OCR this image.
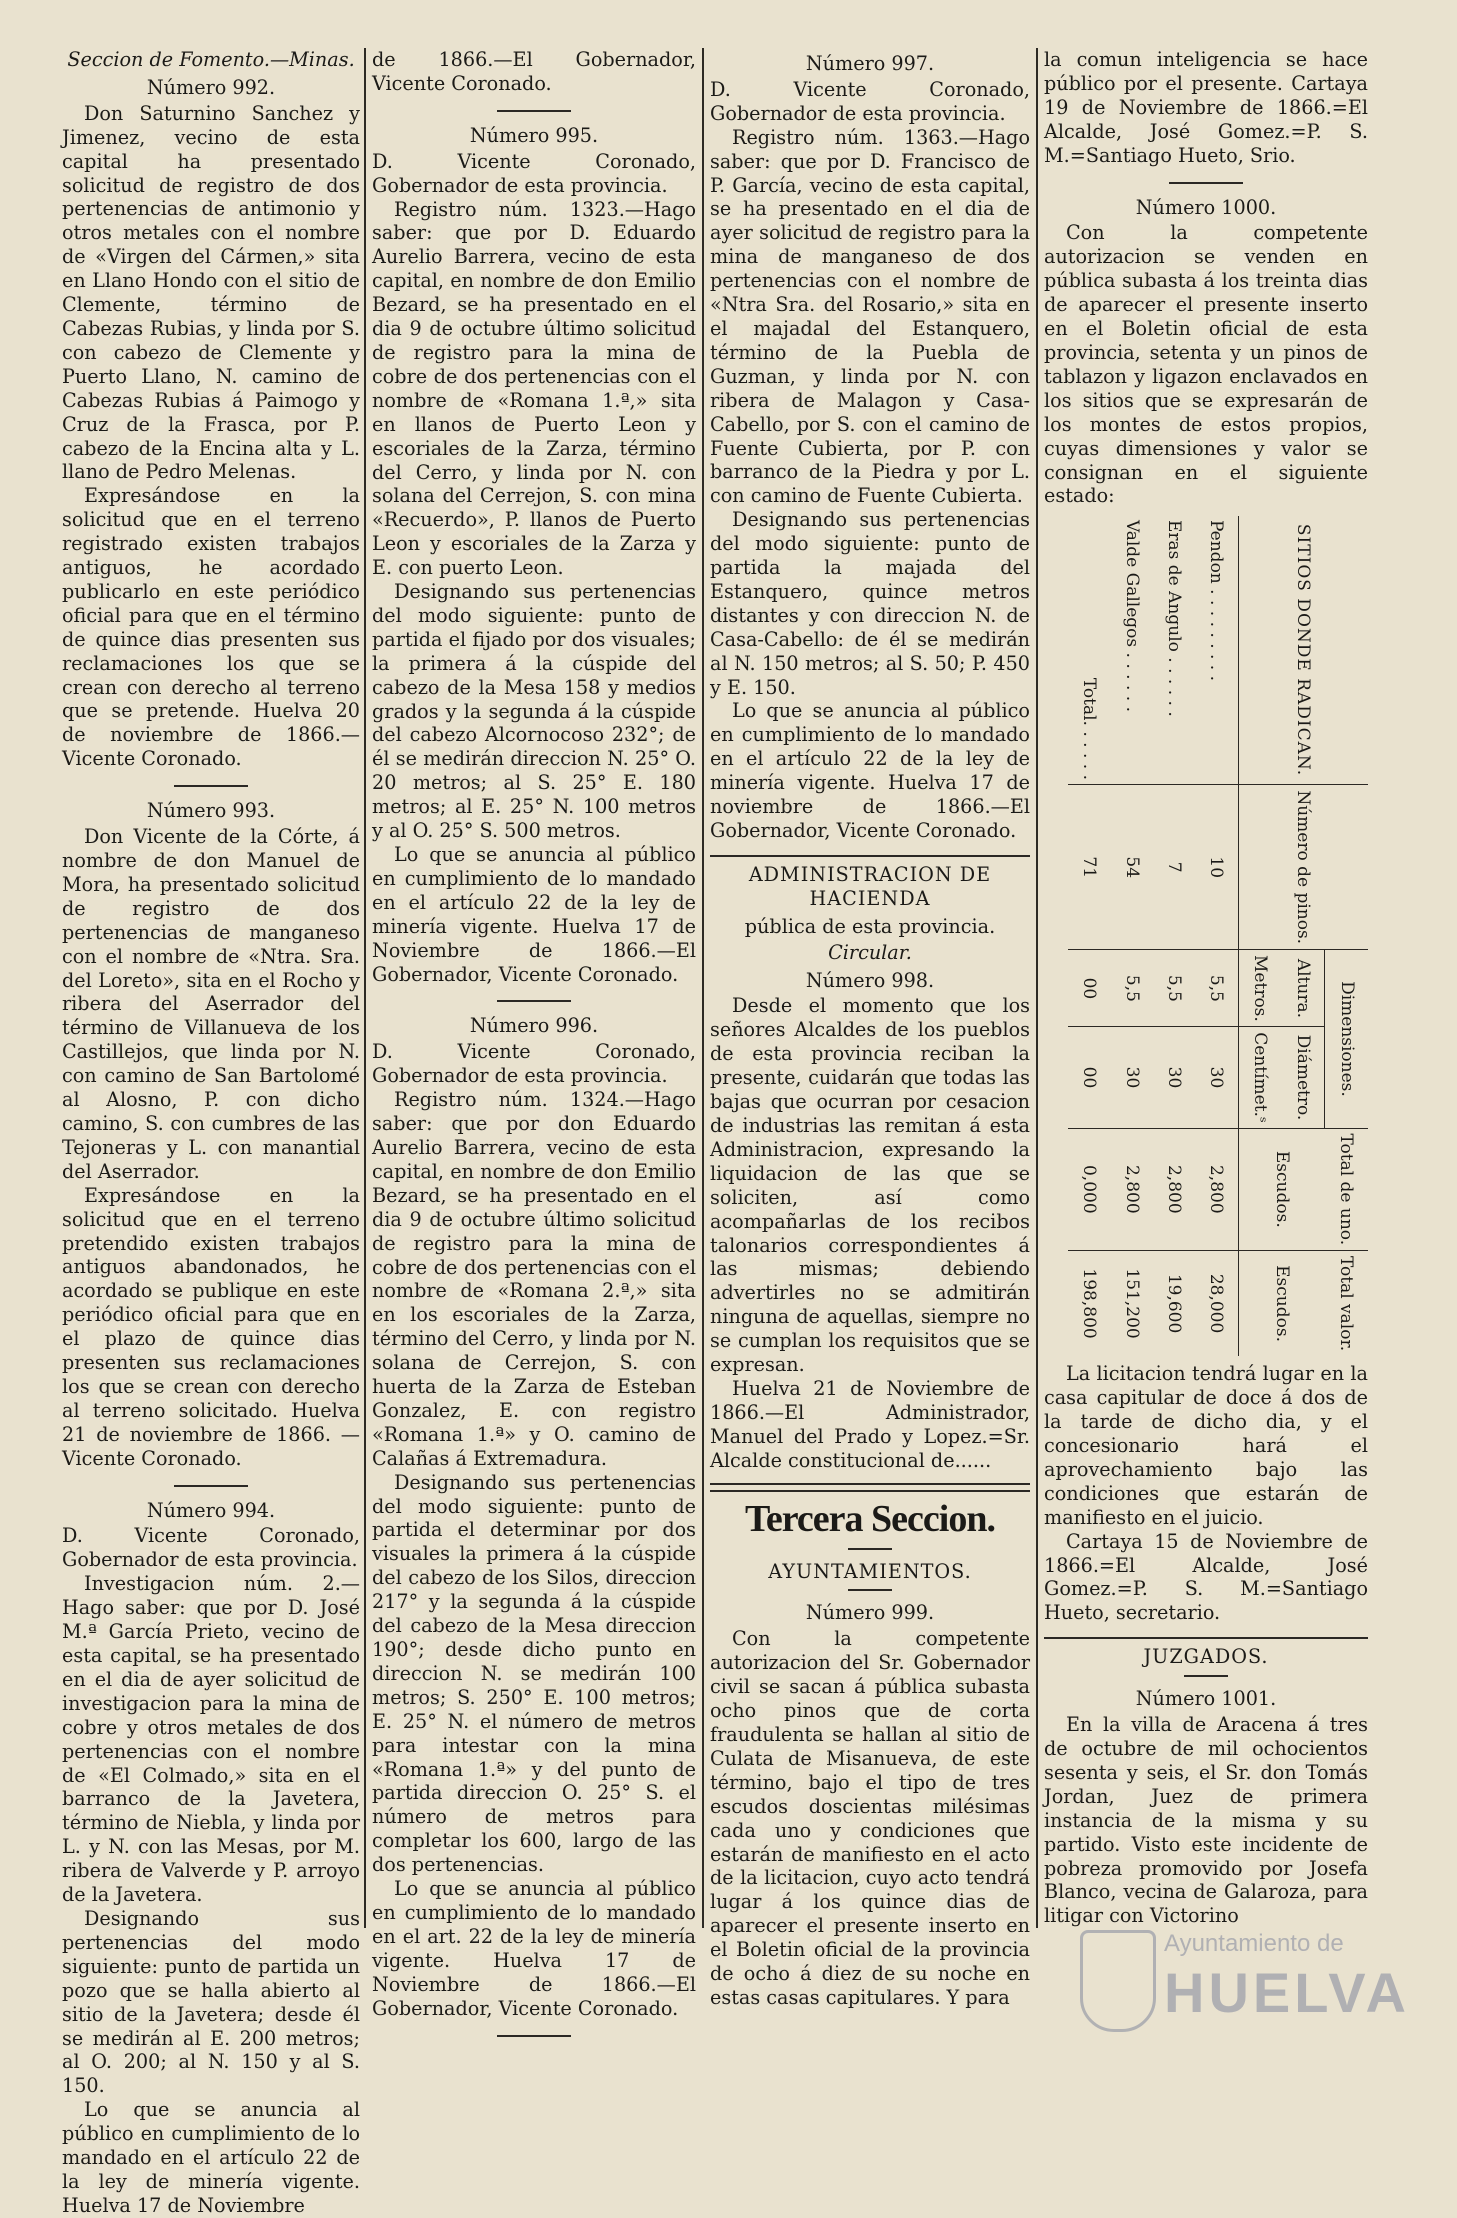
Seccion de Fomento.—Minas.
Número 992.

Don Saturnino Sanchez y Jimenez, vecino de esta capital ha presentado solicitud de registro de dos pertenencias de antimonio y otros metales con el nombre de «Virgen del Cármen,» sita en Llano Hondo con el sitio de Clemente, término de Cabezas Rubias, y linda por S. con cabezo de Clemente y Puerto Llano, N. camino de Cabezas Rubias á Paimogo y Cruz de la Frasca, por P. cabezo de la Encina alta y L. llano de Pedro Melenas.

Expresándose en la solicitud que en el terreno registrado existen trabajos antiguos, he acordado publicarlo en este periódico oficial para que en el término de quince dias presenten sus reclamaciones los que se crean con derecho al terreno que se pretende. Huelva 20 de noviembre de 1866.—Vicente Coronado.

Número 993.

Don Vicente de la Córte, á nombre de don Manuel de Mora, ha presentado solicitud de registro de dos pertenencias de manganeso con el nombre de «Ntra. Sra. del Loreto», sita en el Rocho y ribera del Aserrador del término de Villanueva de los Castillejos, que linda por N. con camino de San Bartolomé al Alosno, P. con dicho camino, S. con cumbres de las Tejoneras y L. con manantial del Aserrador.

Expresándose en la solicitud que en el terreno pretendido existen trabajos antiguos abandonados, he acordado se publique en este periódico oficial para que en el plazo de quince dias presenten sus reclamaciones los que se crean con derecho al terreno solicitado. Huelva 21 de noviembre de 1866. —Vicente Coronado.

Número 994.

D. Vicente Coronado, Gobernador de esta provincia.

Investigacion núm. 2.—Hago saber: que por D. José M.ª García Prieto, vecino de esta capital, se ha presentado en el dia de ayer solicitud de investigacion para la mina de cobre y otros metales de dos pertenencias con el nombre de «El Colmado,» sita en el barranco de la Javetera, término de Niebla, y linda por L. y N. con las Mesas, por M. ribera de Valverde y P. arroyo de la Javetera.

Designando sus pertenencias del modo siguiente: punto de partida un pozo que se halla abierto al sitio de la Javetera; desde él se medirán al E. 200 metros; al O. 200; al N. 150 y al S. 150.

Lo que se anuncia al público en cumplimiento de lo mandado en el artículo 22 de la ley de minería vigente. Huelva 17 de Noviembre

de 1866.—El Gobernador, Vicente Coronado.

Número 995.

D. Vicente Coronado, Gobernador de esta provincia.

Registro núm. 1323.—Hago saber: que por D. Eduardo Aurelio Barrera, vecino de esta capital, en nombre de don Emilio Bezard, se ha presentado en el dia 9 de octubre último solicitud de registro para la mina de cobre de dos pertenencias con el nombre de «Romana 1.ª,» sita en llanos de Puerto Leon y escoriales de la Zarza, término del Cerro, y linda por N. con solana del Cerrejon, S. con mina «Recuerdo», P. llanos de Puerto Leon y escoriales de la Zarza y E. con puerto Leon.

Designando sus pertenencias del modo siguiente: punto de partida el fijado por dos visuales; la primera á la cúspide del cabezo de la Mesa 158 y medios grados y la segunda á la cúspide del cabezo Alcornocoso 232°; de él se medirán direccion N. 25° O. 20 metros; al S. 25° E. 180 metros; al E. 25° N. 100 metros y al O. 25° S. 500 metros.

Lo que se anuncia al público en cumplimiento de lo mandado en el artículo 22 de la ley de minería vigente. Huelva 17 de Noviembre de 1866.—El Gobernador, Vicente Coronado.

Número 996.

D. Vicente Coronado, Gobernador de esta provincia.

Registro núm. 1324.—Hago saber: que por don Eduardo Aurelio Barrera, vecino de esta capital, en nombre de don Emilio Bezard, se ha presentado en el dia 9 de octubre último solicitud de registro para la mina de cobre de dos pertenencias con el nombre de «Romana 2.ª,» sita en los escoriales de la Zarza, término del Cerro, y linda por N. solana de Cerrejon, S. con huerta de la Zarza de Esteban Gonzalez, E. con registro «Romana 1.ª» y O. camino de Calañas á Extremadura.

Designando sus pertenencias del modo siguiente: punto de partida el determinar por dos visuales la primera á la cúspide del cabezo de los Silos, direccion 217° y la segunda á la cúspide del cabezo de la Mesa direccion 190°; desde dicho punto en direccion N. se medirán 100 metros; S. 250° E. 100 metros; E. 25° N. el número de metros para intestar con la mina «Romana 1.ª» y del punto de partida direccion O. 25° S. el número de metros para completar los 600, largo de las dos pertenencias.

Lo que se anuncia al público en cumplimiento de lo mandado en el art. 22 de la ley de minería vigente. Huelva 17 de Noviembre de 1866.—El Gobernador, Vicente Coronado.

Número 997.

D. Vicente Coronado, Gobernador de esta provincia.

Registro núm. 1363.—Hago saber: que por D. Francisco de P. García, vecino de esta capital, se ha presentado en el dia de ayer solicitud de registro para la mina de manganeso de dos pertenencias con el nombre de «Ntra Sra. del Rosario,» sita en el majadal del Estanquero, término de la Puebla de Guzman, y linda por N. con ribera de Malagon y Casa-Cabello, por S. con el camino de Fuente Cubierta, por P. con barranco de la Piedra y por L. con camino de Fuente Cubierta.

Designando sus pertenencias del modo siguiente: punto de partida la majada del Estanquero, quince metros distantes y con direccion N. de Casa-Cabello: de él se medirán al N. 150 metros; al S. 50; P. 450 y E. 150.

Lo que se anuncia al público en cumplimiento de lo mandado en el artículo 22 de la ley de minería vigente. Huelva 17 de noviembre de 1866.—El Gobernador, Vicente Coronado.

ADMINISTRACION DE HACIENDA
pública de esta provincia.
Circular.
Número 998.

Desde el momento que los señores Alcaldes de los pueblos de esta provincia reciban la presente, cuidarán que todas las bajas que ocurran por cesacion de industrias las remitan á esta Administracion, expresando la liquidacion de las que se soliciten, así como acompañarlas de los recibos talonarios correspondientes á las mismas; debiendo advertirles no se admitirán ninguna de aquellas, siempre no se cumplan los requisitos que se expresan.

Huelva 21 de Noviembre de 1866.—El Administrador, Manuel del Prado y Lopez.=Sr. Alcalde constitucional de......

Tercera Seccion.
AYUNTAMIENTOS.
Número 999.

Con la competente autorizacion del Sr. Gobernador civil se sacan á pública subasta ocho pinos que de corta fraudulenta se hallan al sitio de Culata de Misanueva, de este término, bajo el tipo de tres escudos doscientas milésimas cada uno y condiciones que estarán de manifiesto en el acto de la licitacion, cuyo acto tendrá lugar á los quince dias de aparecer el presente inserto en el Boletin oficial de la provincia de ocho á diez de su noche en estas casas capitulares. Y para

la comun inteligencia se hace público por el presente. Cartaya 19 de Noviembre de 1866.=El Alcalde, José Gomez.=P. S. M.=Santiago Hueto, Srio.

Número 1000.

Con la competente autorizacion se venden en pública subasta á los treinta dias de aparecer el presente inserto en el Boletin oficial de esta provincia, setenta y un pinos de tablazon y ligazon enclavados en los sitios que se expresarán de los montes de estos propios, cuyas dimensiones y valor se consignan en el siguiente estado:

SITIOS DONDE RADICAN.	Número de pinos.	Dimensiones.		Total de uno.	Total valor.
		Altura.	Diámetro.	Escudos.	Escudos.
		Metros.	Centímet.ˢ		
Pendon . . . . . . . . .	10	5,5	30	2,800	28,000
Eras de Angulo . . . . . .	7	5,5	30	2,800	19,600
Valde Gallegos . . . . . .	54	5,5	30	2,800	151,200
Total. . . . . .	71	00	00	0,000	198,800

La licitacion tendrá lugar en la casa capitular de doce á dos de la tarde de dicho dia, y el concesionario hará el aprovechamiento bajo las condiciones que estarán de manifiesto en el juicio.

Cartaya 15 de Noviembre de 1866.=El Alcalde, José Gomez.=P. S. M.=Santiago Hueto, secretario.

JUZGADOS.
Número 1001.

En la villa de Aracena á tres de octubre de mil ochocientos sesenta y seis, el Sr. don Tomás Jordan, Juez de primera instancia de la misma y su partido. Visto este incidente de pobreza promovido por Josefa Blanco, vecina de Galaroza, para litigar con Victorino

Ayuntamiento de
HUELVA
